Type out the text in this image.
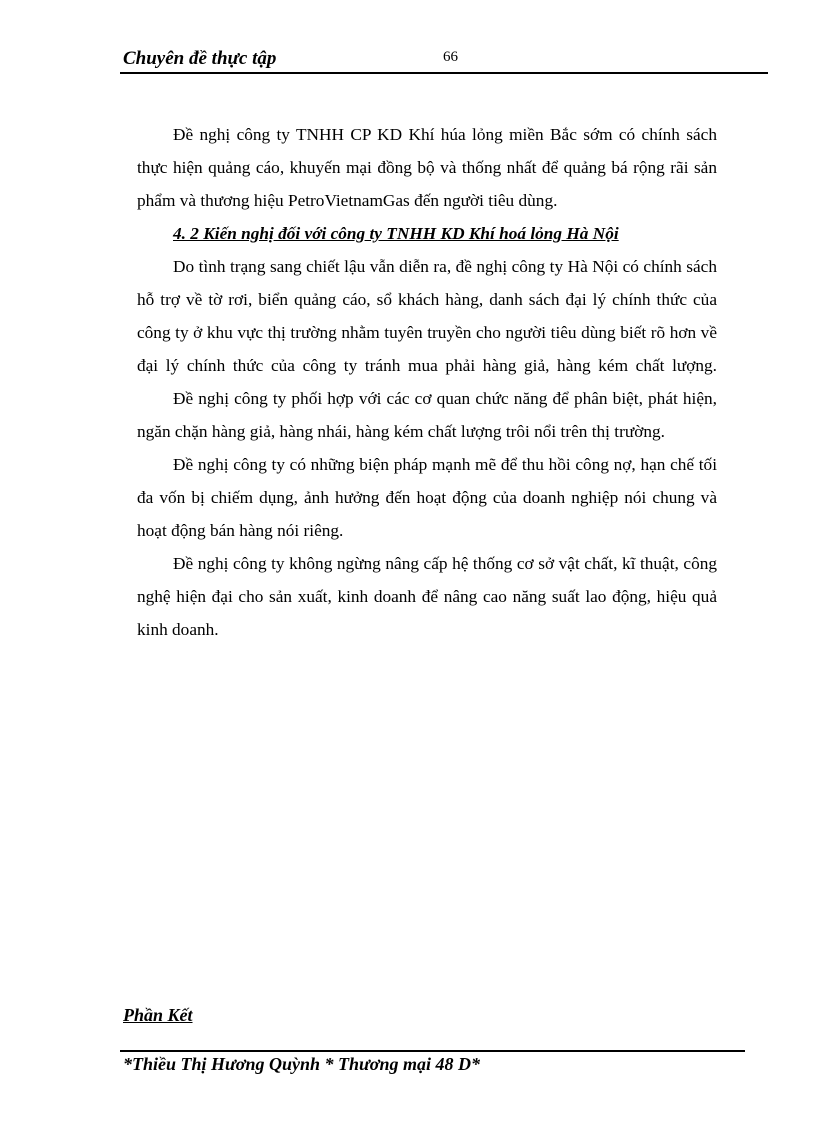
Chuyên đề thực tập	66

Đề nghị công ty TNHH CP KD Khí húa lỏng miền Bắc sớm có chính sách thực hiện quảng cáo, khuyến mại đồng bộ và thống nhất để quảng bá rộng rãi sản phẩm và thương hiệu PetroVietnamGas đến người tiêu dùng.

4. 2 Kiến nghị đối với công ty TNHH KD Khí hoá lỏng Hà Nội

Do tình trạng sang chiết lậu vẫn diễn ra, đề nghị công ty Hà Nội có chính sách hỗ trợ về tờ rơi, biển quảng cáo, sổ khách hàng, danh sách đại lý chính thức của công ty ở khu vực thị trường nhằm tuyên truyền cho người tiêu dùng biết rõ hơn về đại lý chính thức của công ty tránh mua phải hàng giả, hàng kém chất lượng.

Đề nghị công ty phối hợp với các cơ quan chức năng để phân biệt, phát hiện, ngăn chặn hàng giả, hàng nhái, hàng kém chất lượng trôi nổi trên thị trường.

Đề nghị công ty có những biện pháp mạnh mẽ để thu hồi công nợ, hạn chế tối đa vốn bị chiếm dụng, ảnh hưởng đến hoạt động của doanh nghiệp nói chung và hoạt động bán hàng nói riêng.

Đề nghị công ty không ngừng nâng cấp hệ thống cơ sở vật chất, kĩ thuật, công nghệ hiện đại cho sản xuất, kinh doanh để nâng cao năng suất lao động, hiệu quả kinh doanh.

Phần Kết
*Thiều Thị Hương Quỳnh * Thương mại 48 D*
